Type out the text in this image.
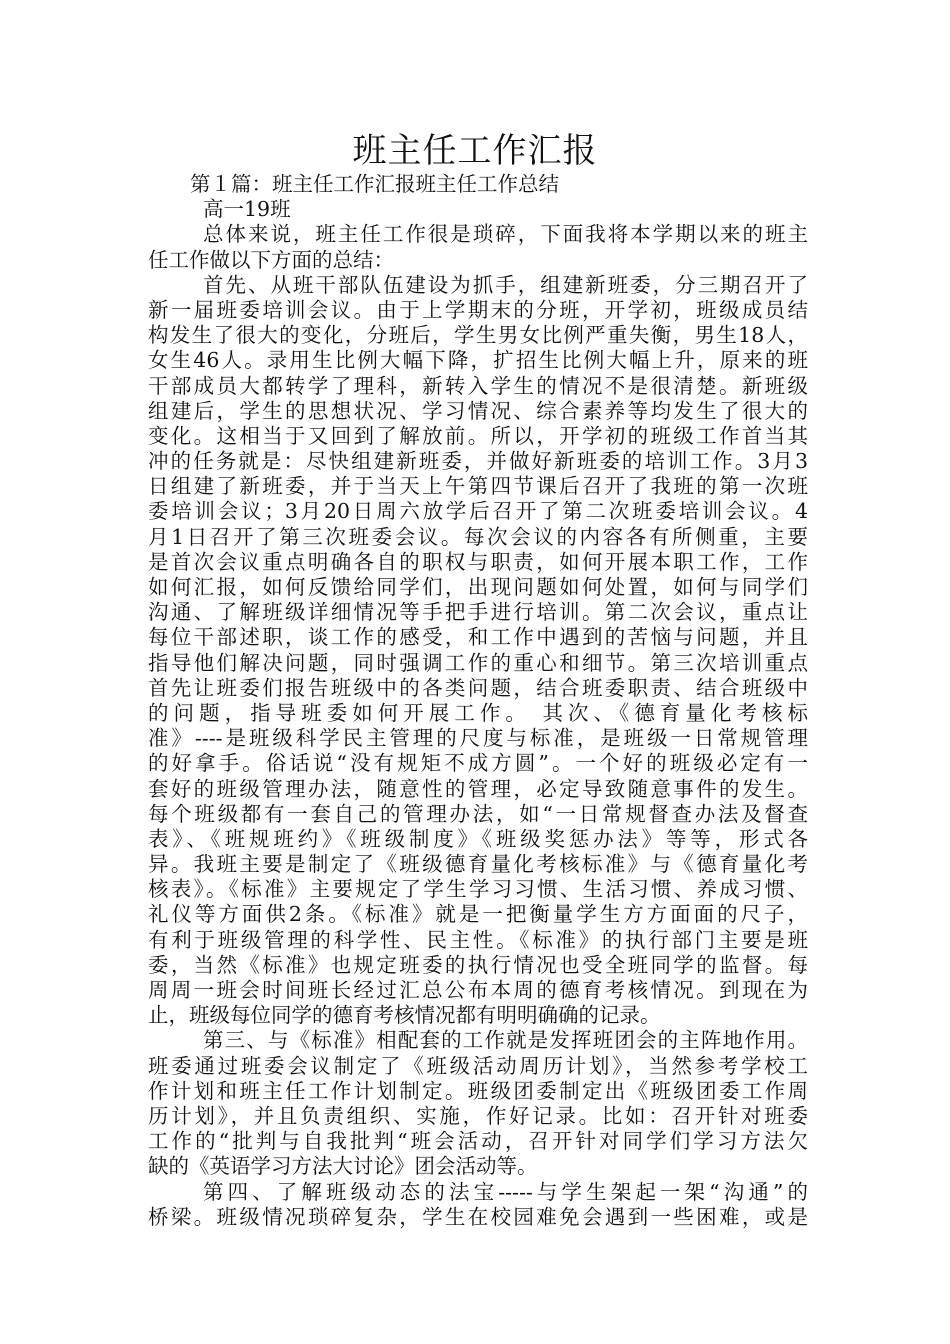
班主任工作汇报
第１篇：班主任工作汇报班主任工作总结
高一19班
总体来说，班主任工作很是琐碎，下面我将本学期以来的班主
任工作做以下方面的总结：
首先、从班干部队伍建设为抓手，组建新班委，分三期召开了
新一届班委培训会议。由于上学期末的分班，开学初，班级成员结
构发生了很大的变化，分班后，学生男女比例严重失衡，男生18人，
女生46人。录用生比例大幅下降，扩招生比例大幅上升，原来的班
干部成员大都转学了理科，新转入学生的情况不是很清楚。新班级
组建后，学生的思想状况、学习情况、综合素养等均发生了很大的
变化。这相当于又回到了解放前。所以，开学初的班级工作首当其
冲的任务就是：尽快组建新班委，并做好新班委的培训工作。3月3
日组建了新班委，并于当天上午第四节课后召开了我班的第一次班
委培训会议；3月20日周六放学后召开了第二次班委培训会议。4
月1日召开了第三次班委会议。每次会议的内容各有所侧重，主要
是首次会议重点明确各自的职权与职责，如何开展本职工作，工作
如何汇报，如何反馈给同学们，出现问题如何处置，如何与同学们
沟通、了解班级详细情况等手把手进行培训。第二次会议，重点让
每位干部述职，谈工作的感受，和工作中遇到的苦恼与问题，并且
指导他们解决问题，同时强调工作的重心和细节。第三次培训重点
首先让班委们报告班级中的各类问题，结合班委职责、结合班级中
的问题，指导班委如何开展工作。 其次、《德育量化考核标
准》----是班级科学民主管理的尺度与标准，是班级一日常规管理
的好拿手。俗话说“没有规矩不成方圆”。一个好的班级必定有一
套好的班级管理办法，随意性的管理，必定导致随意事件的发生。
每个班级都有一套自己的管理办法，如“一日常规督查办法及督查
表》、《班规班约》《班级制度》《班级奖惩办法》等等，形式各
异。我班主要是制定了《班级德育量化考核标准》与《德育量化考
核表》。《标准》主要规定了学生学习习惯、生活习惯、养成习惯、
礼仪等方面供2条。《标准》就是一把衡量学生方方面面的尺子，
有利于班级管理的科学性、民主性。《标准》的执行部门主要是班
委，当然《标准》也规定班委的执行情况也受全班同学的监督。每
周周一班会时间班长经过汇总公布本周的德育考核情况。到现在为
止，班级每位同学的德育考核情况都有明明确确的记录。
第三、与《标准》相配套的工作就是发挥班团会的主阵地作用。
班委通过班委会议制定了《班级活动周历计划》，当然参考学校工
作计划和班主任工作计划制定。班级团委制定出《班级团委工作周
历计划》，并且负责组织、实施，作好记录。比如：召开针对班委
工作的“批判与自我批判“班会活动，召开针对同学们学习方法欠
缺的《英语学习方法大讨论》团会活动等。
第四、了解班级动态的法宝-----与学生架起一架“沟通”的
桥梁。班级情况琐碎复杂，学生在校园难免会遇到一些困难，或是
